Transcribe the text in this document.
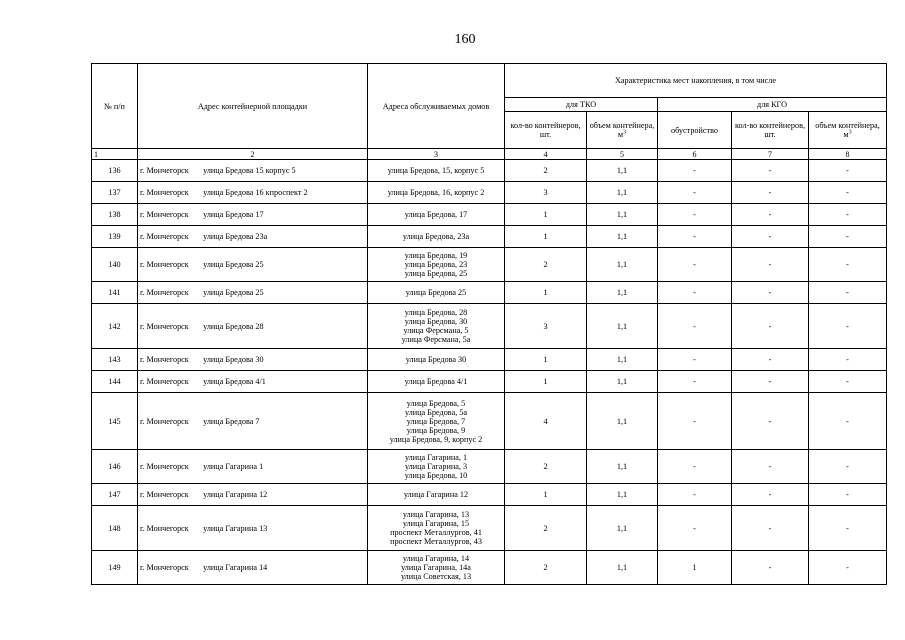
160
№ п/п	Адрес контейнерной площадки	Адреса обслуживаемых домов	Характеристика мест накопления, в том числе				
			для ТКО		для КГО		
			кол-во контейнеров, шт.	объем контейнера, $м^3$	обустройство	кол-во контейнеров, шт.	объем контейнера, $м^3$
1	2	3	4	5	6	7	8
136	г. Мончегорск       улица Бредова 15 корпус 5	улица Бредова, 15, корпус 5	2	1,1	-	-	-
137	г. Мончегорск       улица Бредова 16 кпроспект 2	улица Бредова, 16, корпус 2	3	1,1	-	-	-
138	г. Мончегорск       улица Бредова 17	улица Бредова, 17	1	1,1	-	-	-
139	г. Мончегорск       улица Бредова 23а	улица Бредова, 23а	1	1,1	-	-	-
140	г. Мончегорск       улица Бредова 25	улица Бредова, 19
улица Бредова, 23
улица Бредова, 25	2	1,1	-	-	-
141	г. Мончегорск       улица Бредова 25	улица Бредова 25	1	1,1	-	-	-
142	г. Мончегорск       улица Бредова 28	улица Бредова, 28
улица Бредова, 30
улица Ферсмана, 5
улица Ферсмана, 5а	3	1,1	-	-	-
143	г. Мончегорск       улица Бредова 30	улица Бредова 30	1	1,1	-	-	-
144	г. Мончегорск       улица Бредова 4/1	улица Бредова 4/1	1	1,1	-	-	-
145	г. Мончегорск       улица Бредова 7	улица Бредова, 5
улица Бредова, 5а
улица Бредова, 7
улица Бредова, 9
улица Бредова, 9, корпус 2	4	1,1	-	-	-
146	г. Мончегорск       улица Гагарина 1	улица Гагарина, 1
улица Гагарина, 3
улица Бредова, 10	2	1,1	-	-	-
147	г. Мончегорск       улица Гагарина 12	улица Гагарина 12	1	1,1	-	-	-
148	г. Мончегорск       улица Гагарина 13	улица Гагарина, 13
улица Гагарина, 15
проспект Металлургов, 41
проспект Металлургов, 43	2	1,1	-	-	-
149	г. Мончегорск       улица Гагарина 14	улица Гагарина, 14
улица Гагарина, 14а
улица Советская, 13	2	1,1	1	-	-
